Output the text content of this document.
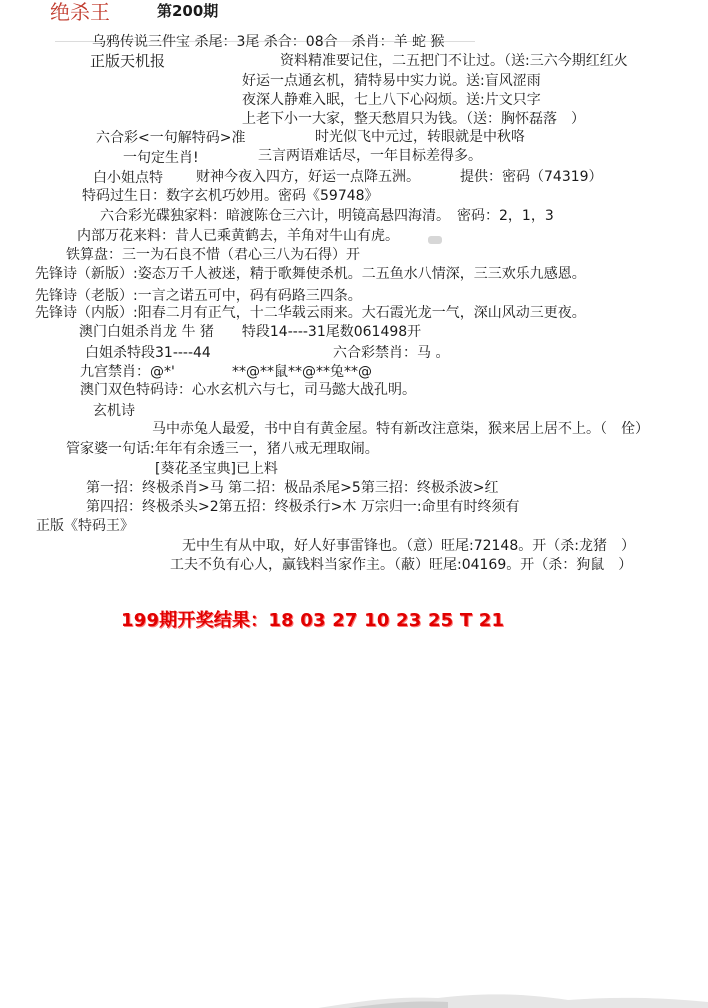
绝杀王	第200期
乌鸦传说三件宝 杀尾：3尾 杀合：08合　杀肖：羊 蛇 猴
正版天机报	资料精准要记住，二五把门不让过。（送:三六今期红红火
好运一点通玄机，猜特易中实力说。送:盲风涩雨
夜深人静难入眠，七上八下心闷烦。送:片文只字
上老下小一大家，整天愁眉只为钱。（送：胸怀磊落　）
六合彩<一句解特码>准	时光似飞中元过，转眼就是中秋咯
一句定生肖!	三言两语难话尽，一年目标差得多。
白小姐点特 财神今夜入四方，好运一点降五洲。	提供：密码（74319）
特码过生日：数字玄机巧妙用。密码《59748》
六合彩光碟独家料：暗渡陈仓三六计，明镜高悬四海清。　密码：2，1，3
内部万花来料：昔人已乘黄鹤去，羊角对牛山有虎。
铁算盘：三一为石良不惜（君心三八为石得）开
先锋诗（新版）:姿态万千人被迷，精于歌舞使杀机。二五鱼水八情深，三三欢乐九感恩。
先锋诗（老版）:一言之诺五可中，码有码路三四条。
先锋诗（内版）:阳春二月有正气，十二华载云雨来。大石霞光龙一气，深山风动三更夜。
澳门白姐杀肖龙 牛 猪　　特段14----31尾数061498开
白姐杀特段31----44	六合彩禁肖：马 。
九宫禁肖：@*'	**@**鼠**@**兔**@
澳门双色特码诗：心水玄机六与七，司马懿大战孔明。
玄机诗
马中赤兔人最爱，书中自有黄金屋。特有新改注意柒，猴来居上居不上。（　佺）
管家婆一句话:年年有余透三一，猪八戒无理取闹。
[葵花圣宝典]已上料
第一招：终极杀肖>马 第二招：极品杀尾>5第三招：终极杀波>红
第四招：终极杀头>2第五招：终极杀行>木 万宗归一:命里有时终须有
正版《特码王》
无中生有从中取，好人好事雷锋也。（意）旺尾:72148。开（杀:龙猪　）
工夫不负有心人，赢钱料当家作主。（蔽）旺尾:04169。开（杀：狗鼠　）
199期开奖结果：18 03 27 10 23 25 T 21
